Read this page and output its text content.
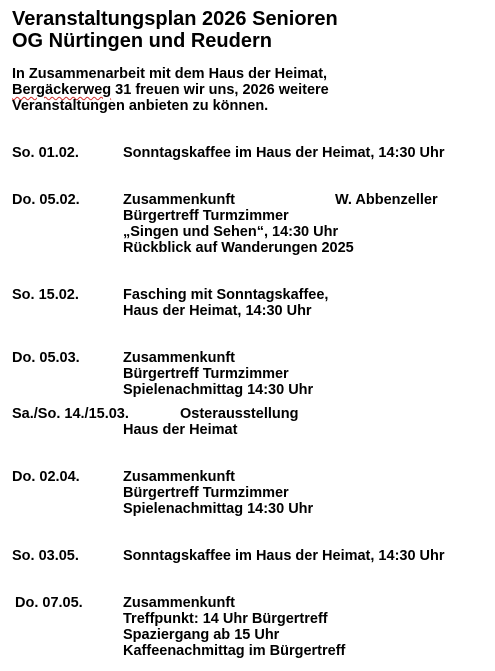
Veranstaltungsplan 2026 Senioren
OG Nürtingen und Reudern
In Zusammenarbeit mit dem Haus der Heimat,
Bergäckerweg 31 freuen wir uns, 2026 weitere
Veranstaltungen anbieten zu können.
So. 01.02.	Sonntagskaffee im Haus der Heimat, 14:30 Uhr
Do. 05.02.	Zusammenkunft	W. Abbenzeller
Bürgertreff Turmzimmer
„Singen und Sehen“, 14:30 Uhr
Rückblick auf Wanderungen 2025
So. 15.02.	Fasching mit Sonntagskaffee,
Haus der Heimat, 14:30 Uhr
Do. 05.03.	Zusammenkunft
Bürgertreff Turmzimmer
Spielenachmittag 14:30 Uhr
Sa./So. 14./15.03.	Osterausstellung
Haus der Heimat
Do. 02.04.	Zusammenkunft
Bürgertreff Turmzimmer
Spielenachmittag 14:30 Uhr
So. 03.05.	Sonntagskaffee im Haus der Heimat, 14:30 Uhr
Do. 07.05.	Zusammenkunft
Treffpunkt: 14 Uhr Bürgertreff
Spaziergang ab 15 Uhr
Kaffeenachmittag im Bürgertreff
